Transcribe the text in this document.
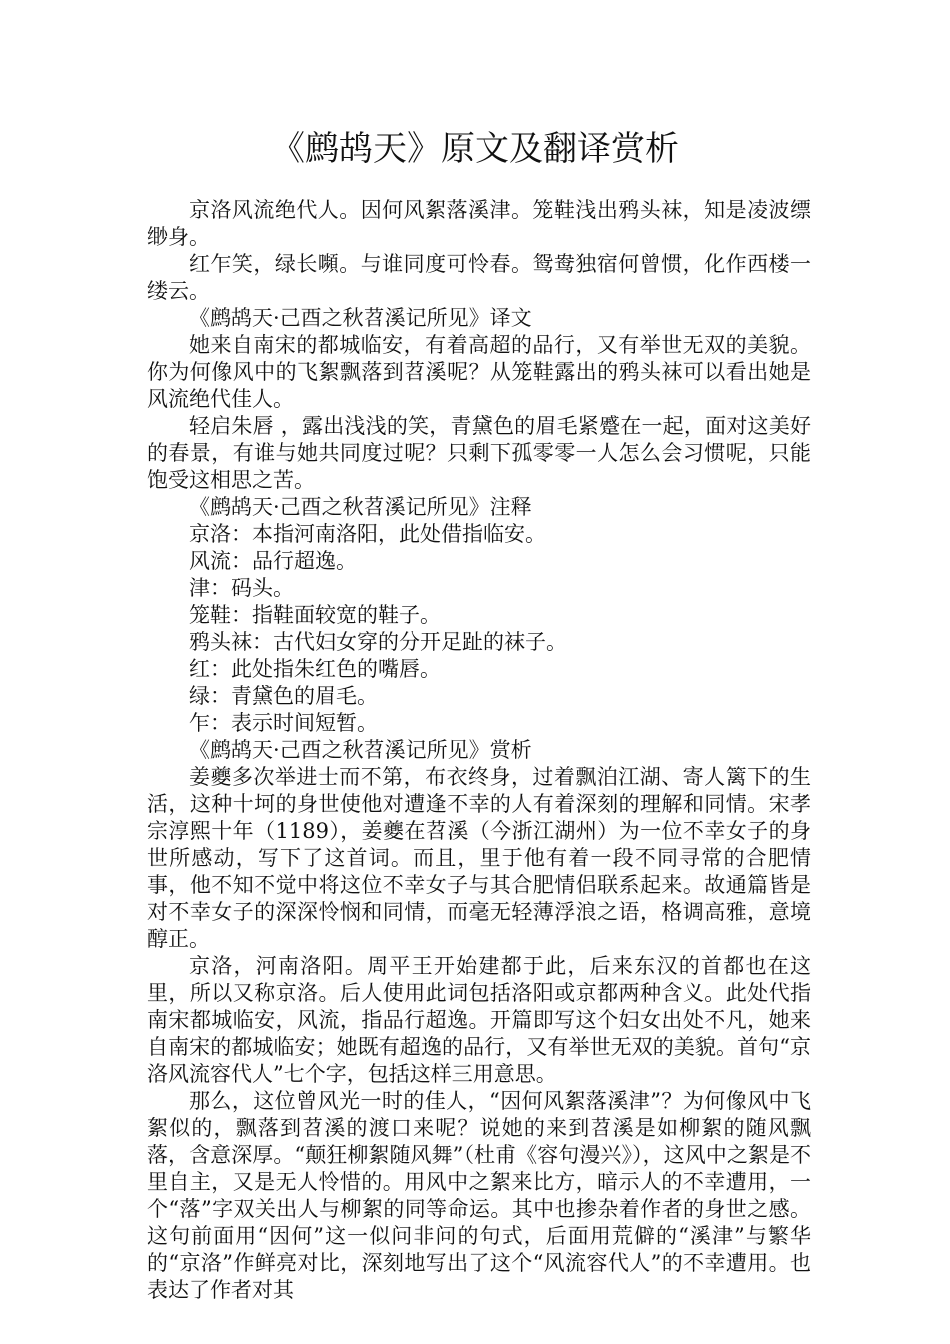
《鹧鸪天》原文及翻译赏析

京洛风流绝代人。因何风絮落溪津。笼鞋浅出鸦头袜，知是凌波缥缈身。

红乍笑，绿长嚬。与谁同度可怜春。鸳鸯独宿何曾惯，化作西楼一缕云。

《鹧鸪天·己酉之秋苕溪记所见》译文

她来自南宋的都城临安，有着高超的品行，又有举世无双的美貌。你为何像风中的飞絮飘落到苕溪呢？从笼鞋露出的鸦头袜可以看出她是风流绝代佳人。

轻启朱唇 ，露出浅浅的笑，青黛色的眉毛紧蹙在一起，面对这美好的春景，有谁与她共同度过呢？只剩下孤零零一人怎么会习惯呢，只能饱受这相思之苦。

《鹧鸪天·己酉之秋苕溪记所见》注释

京洛：本指河南洛阳，此处借指临安。

风流：品行超逸。

津：码头。

笼鞋：指鞋面较宽的鞋子。

鸦头袜：古代妇女穿的分开足趾的袜子。

红：此处指朱红色的嘴唇。

绿：青黛色的眉毛。

乍：表示时间短暂。

《鹧鸪天·己酉之秋苕溪记所见》赏析

姜夔多次举进士而不第，布衣终身，过着飘泊江湖、寄人篱下的生活，这种十坷的身世使他对遭逢不幸的人有着深刻的理解和同情。宋孝宗淳熙十年（1189），姜夔在苕溪（今浙江湖州）为一位不幸女子的身世所感动，写下了这首词。而且，里于他有着一段不同寻常的合肥情事，他不知不觉中将这位不幸女子与其合肥情侣联系起来。故通篇皆是对不幸女子的深深怜悯和同情，而毫无轻薄浮浪之语，格调高雅，意境醇正。

京洛，河南洛阳。周平王开始建都于此，后来东汉的首都也在这里，所以又称京洛。后人使用此词包括洛阳或京都两种含义。此处代指南宋都城临安，风流，指品行超逸。开篇即写这个妇女出处不凡，她来自南宋的都城临安；她既有超逸的品行，又有举世无双的美貌。首句“京洛风流容代人”七个字，包括这样三用意思。

那么，这位曾风光一时的佳人，“因何风絮落溪津”？为何像风中飞絮似的，飘落到苕溪的渡口来呢？说她的来到苕溪是如柳絮的随风飘落，含意深厚。“颠狂柳絮随风舞”（杜甫《容句漫兴》），这风中之絮是不里自主，又是无人怜惜的。用风中之絮来比方，暗示人的不幸遭用，一个“落”字双关出人与柳絮的同等命运。其中也掺杂着作者的身世之感。这句前面用“因何”这一似问非问的句式，后面用荒僻的“溪津”与繁华的“京洛”作鲜亮对比，深刻地写出了这个“风流容代人”的不幸遭用。也表达了作者对其
